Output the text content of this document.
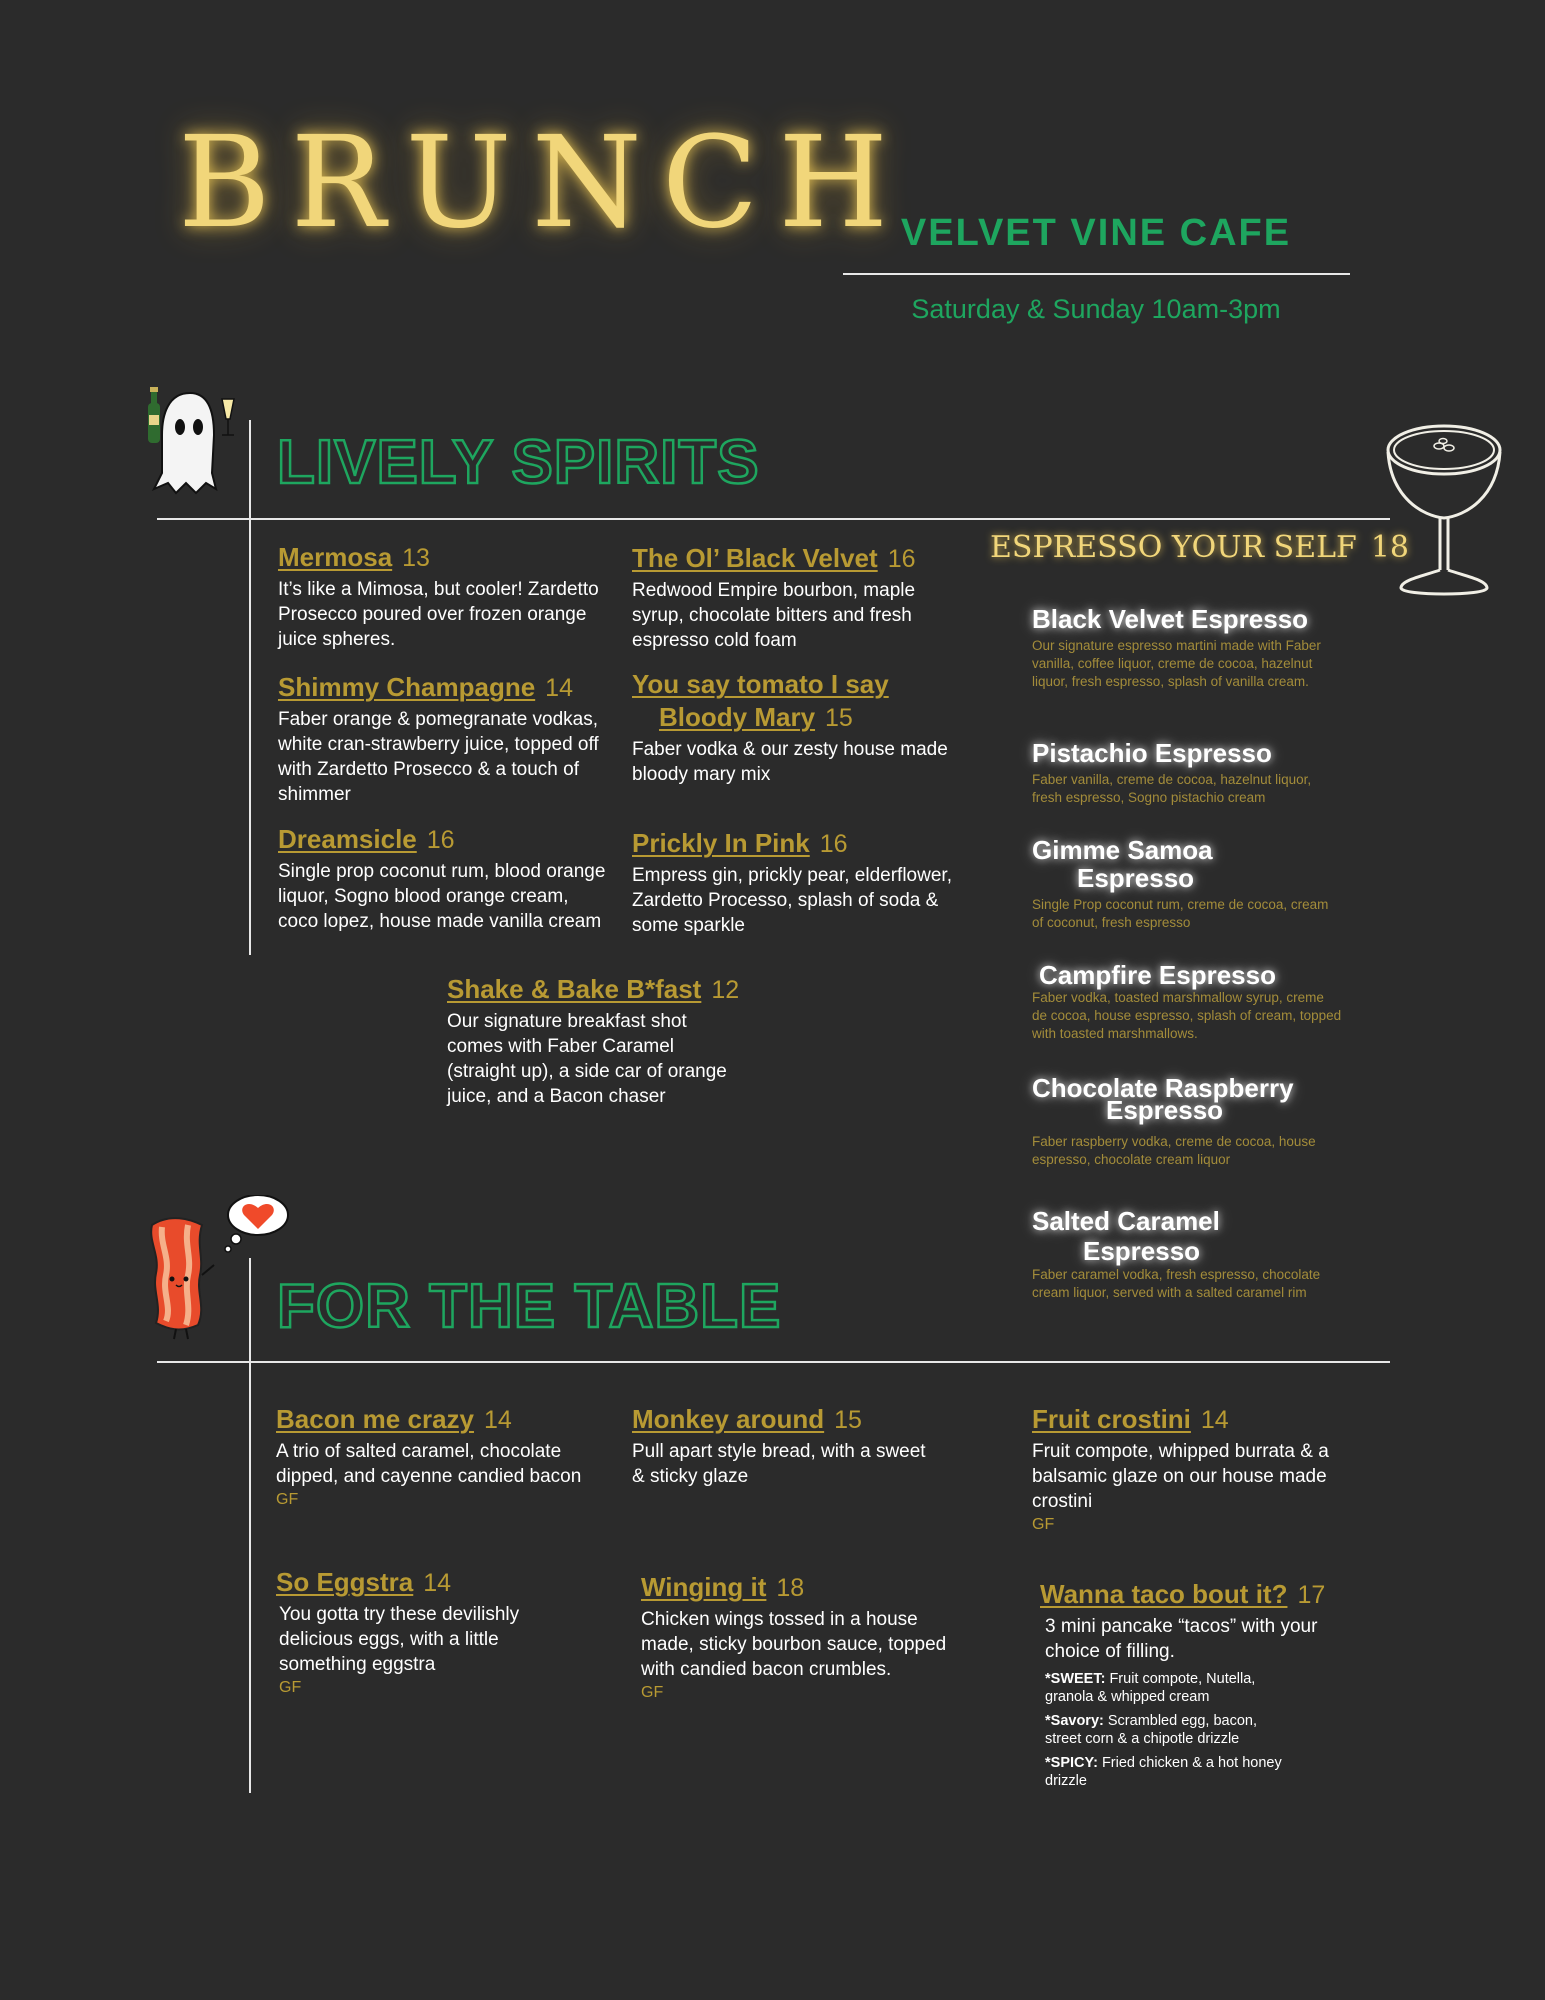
BRUNCH
VELVET VINE CAFE
Saturday & Sunday 10am-3pm
LIVELY SPIRITS
Mermosa 13
It’s like a Mimosa, but cooler! Zardetto Prosecco poured over frozen orange juice spheres.
The Ol’ Black Velvet 16
Redwood Empire bourbon, maple syrup, chocolate bitters and fresh espresso cold foam
Shimmy Champagne 14
Faber orange & pomegranate vodkas, white cran-strawberry juice, topped off with Zardetto Prosecco & a touch of shimmer
You say tomato I say
Bloody Mary 15
Faber vodka & our zesty house made bloody mary mix
Dreamsicle 16
Single prop coconut rum, blood orange liquor, Sogno blood orange cream, coco lopez, house made vanilla cream
Prickly In Pink 16
Empress gin, prickly pear, elderflower, Zardetto Processo, splash of soda & some sparkle
Shake & Bake B*fast 12
Our signature breakfast shot comes with Faber Caramel (straight up), a side car of orange juice, and a Bacon chaser
ESPRESSO YOUR SELF 18
Black Velvet Espresso
Our signature espresso martini made with Faber vanilla, coffee liquor, creme de cocoa, hazelnut liquor, fresh espresso, splash of vanilla cream.
Pistachio Espresso
Faber vanilla, creme de cocoa, hazelnut liquor, fresh espresso, Sogno pistachio cream
Gimme Samoa
Espresso
Single Prop coconut rum, creme de cocoa, cream of coconut, fresh espresso
Campfire Espresso
Faber vodka, toasted marshmallow syrup, creme de cocoa, house espresso, splash of cream, topped with toasted marshmallows.
Chocolate Raspberry
Espresso
Faber raspberry vodka, creme de cocoa, house espresso, chocolate cream liquor
Salted Caramel
Espresso
Faber caramel vodka, fresh espresso, chocolate cream liquor, served with a salted caramel rim
FOR THE TABLE
Bacon me crazy 14
A trio of salted caramel, chocolate dipped, and cayenne candied bacon
GF
Monkey around 15
Pull apart style bread, with a sweet & sticky glaze
Fruit crostini 14
Fruit compote, whipped burrata & a balsamic glaze on our house made crostini
GF
So Eggstra 14
You gotta try these devilishly delicious eggs, with a little something eggstra
GF
Winging it 18
Chicken wings tossed in a house made, sticky bourbon sauce, topped with candied bacon crumbles.
GF
Wanna taco bout it? 17
3 mini pancake “tacos” with your choice of filling.
*SWEET: Fruit compote, Nutella, granola & whipped cream
*Savory: Scrambled egg, bacon, street corn & a chipotle drizzle
*SPICY: Fried chicken & a hot honey drizzle
